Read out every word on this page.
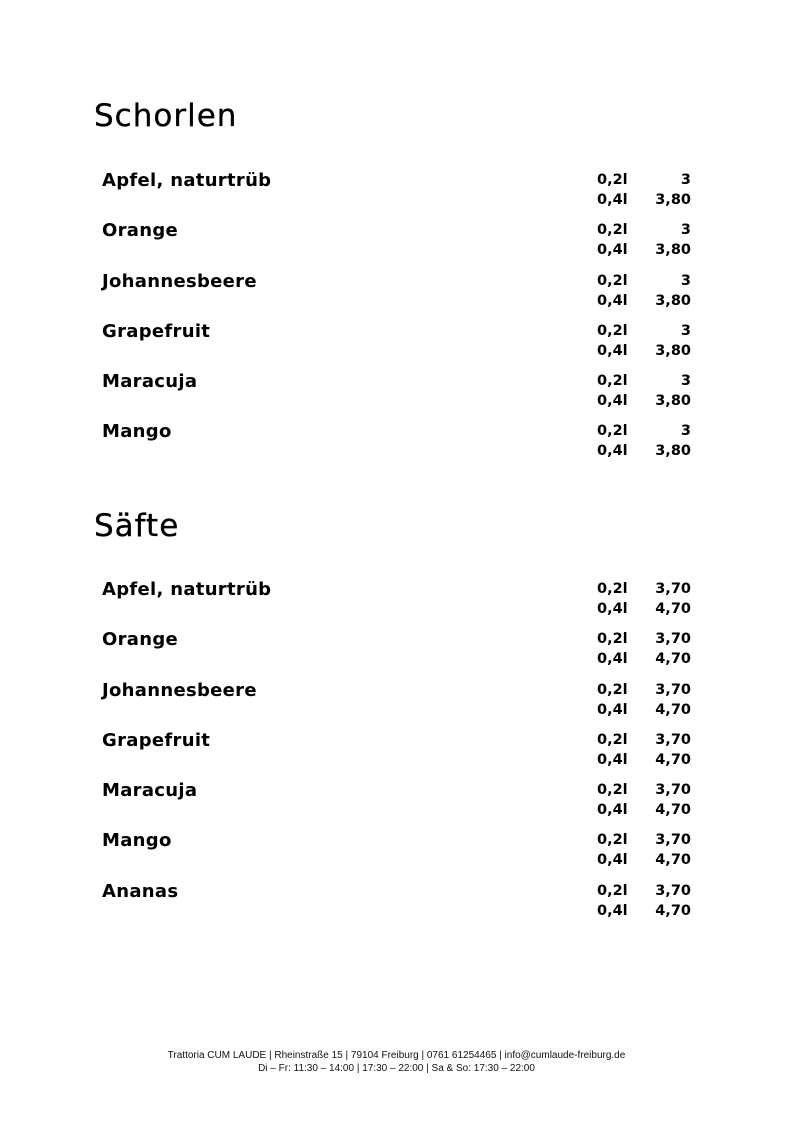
Schorlen
Apfel, naturtrüb	0,2l	3
0,4l 3,80
Orange	0,2l	3
0,4l 3,80
Johannesbeere	0,2l	3
0,4l 3,80
Grapefruit	0,2l	3
0,4l 3,80
Maracuja	0,2l	3
0,4l 3,80
Mango	0,2l	3
0,4l 3,80
Säfte
Apfel, naturtrüb	0,2l 3,70
0,4l 4,70
Orange	0,2l 3,70
0,4l 4,70
Johannesbeere	0,2l 3,70
0,4l 4,70
Grapefruit	0,2l 3,70
0,4l 4,70
Maracuja	0,2l 3,70
0,4l 4,70
Mango	0,2l 3,70
0,4l 4,70
Ananas	0,2l 3,70
0,4l 4,70
Trattoria CUM LAUDE | Rheinstraße 15 | 79104 Freiburg | 0761 61254465 | info@cumlaude-freiburg.de
Di – Fr: 11:30 – 14:00 | 17:30 – 22:00 | Sa & So: 17:30 – 22:00
